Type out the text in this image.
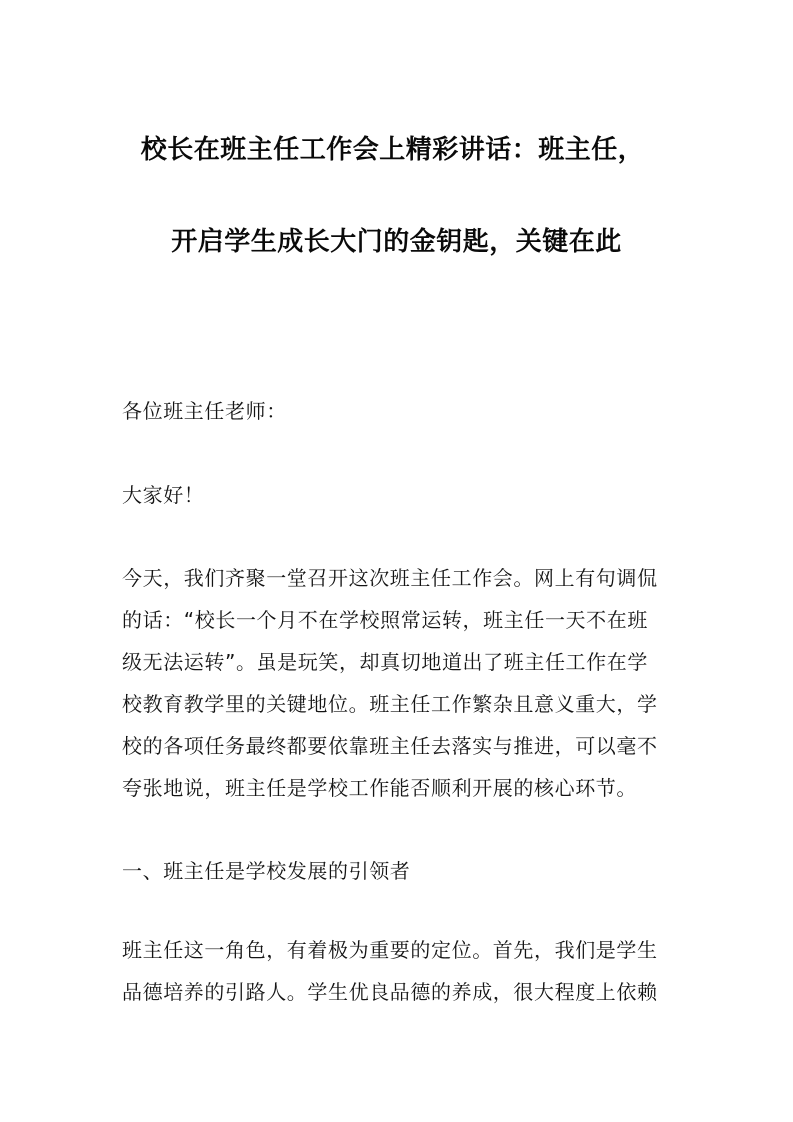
校长在班主任工作会上精彩讲话：班主任，
开启学生成长大门的金钥匙，关键在此
各位班主任老师：
大家好！
今天，我们齐聚一堂召开这次班主任工作会。网上有句调侃
的话：“校长一个月不在学校照常运转，班主任一天不在班
级无法运转”。虽是玩笑，却真切地道出了班主任工作在学
校教育教学里的关键地位。班主任工作繁杂且意义重大，学
校的各项任务最终都要依靠班主任去落实与推进，可以毫不
夸张地说，班主任是学校工作能否顺利开展的核心环节。
一、班主任是学校发展的引领者
班主任这一角色，有着极为重要的定位。首先，我们是学生
品德培养的引路人。学生优良品德的养成，很大程度上依赖
